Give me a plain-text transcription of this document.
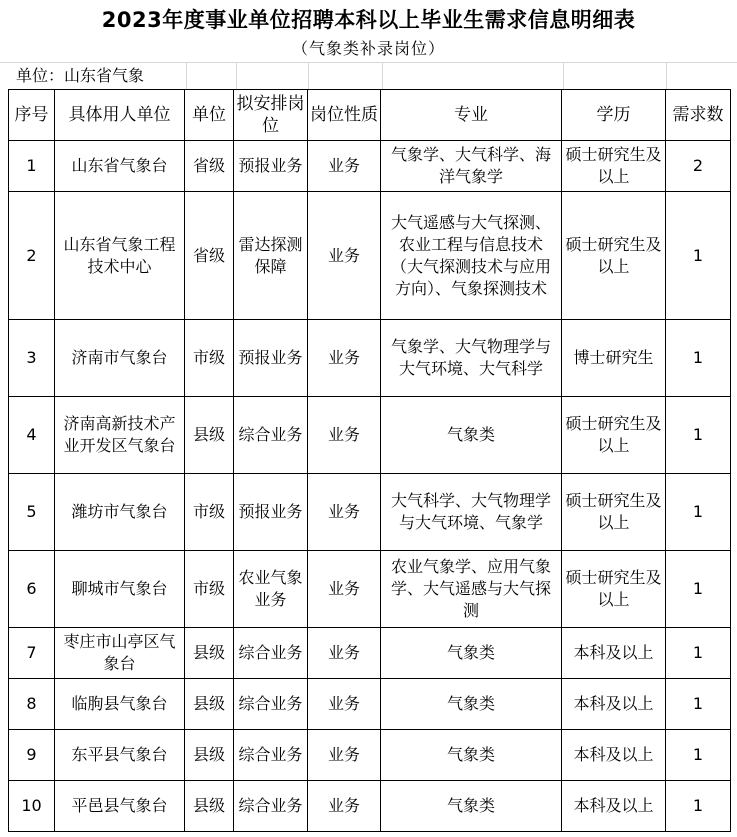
2023年度事业单位招聘本科以上毕业生需求信息明细表
（气象类补录岗位）
单位：山东省气象
序号	具体用人单位	单位	拟安排岗位	岗位性质	专业	学历	需求数
1	山东省气象台	省级	预报业务	业务	气象学、大气科学、海洋气象学	硕士研究生及以上	2
2	山东省气象工程技术中心	省级	雷达探测保障	业务	大气遥感与大气探测、农业工程与信息技术（大气探测技术与应用方向）、气象探测技术	硕士研究生及以上	1
3	济南市气象台	市级	预报业务	业务	气象学、大气物理学与大气环境、大气科学	博士研究生	1
4	济南高新技术产业开发区气象台	县级	综合业务	业务	气象类	硕士研究生及以上	1
5	潍坊市气象台	市级	预报业务	业务	大气科学、大气物理学与大气环境、气象学	硕士研究生及以上	1
6	聊城市气象台	市级	农业气象业务	业务	农业气象学、应用气象学、大气遥感与大气探测	硕士研究生及以上	1
7	枣庄市山亭区气象台	县级	综合业务	业务	气象类	本科及以上	1
8	临朐县气象台	县级	综合业务	业务	气象类	本科及以上	1
9	东平县气象台	县级	综合业务	业务	气象类	本科及以上	1
10	平邑县气象台	县级	综合业务	业务	气象类	本科及以上	1
